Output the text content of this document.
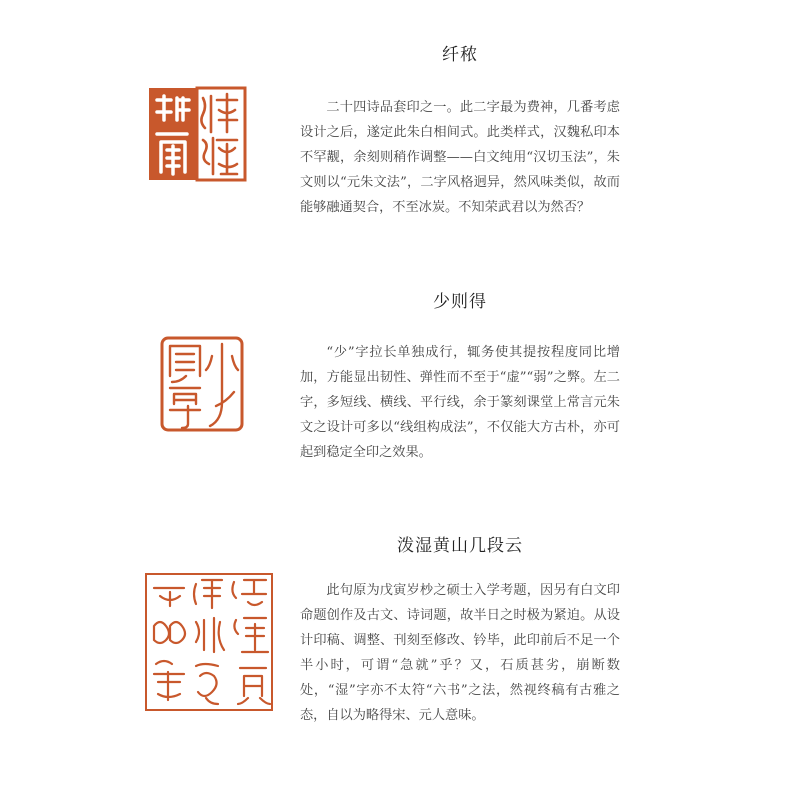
纤秾

二十四诗品套印之一。此二字最为费神，几番考虑设计之后，遂定此朱白相间式。此类样式，汉魏私印本不罕觏，余刻则稍作调整——白文纯用“汉切玉法”，朱文则以“元朱文法”，二字风格迥异，然风味类似，故而能够融通契合，不至冰炭。不知荣武君以为然否？

少则得

“少”字拉长单独成行，辄务使其提按程度同比增加，方能显出韧性、弹性而不至于“虚”“弱”之弊。左二字，多短线、横线、平行线，余于篆刻课堂上常言元朱文之设计可多以“线组构成法”，不仅能大方古朴，亦可起到稳定全印之效果。

泼湿黄山几段云

此句原为戊寅岁杪之硕士入学考题，因另有白文印命题创作及古文、诗词题，故半日之时极为紧迫。从设计印稿、调整、刊刻至修改、钤毕，此印前后不足一个半小时，可谓“急就”乎？又，石质甚劣，崩断数处，“湿”字亦不太符“六书”之法，然视终稿有古雅之态，自以为略得宋、元人意味。
